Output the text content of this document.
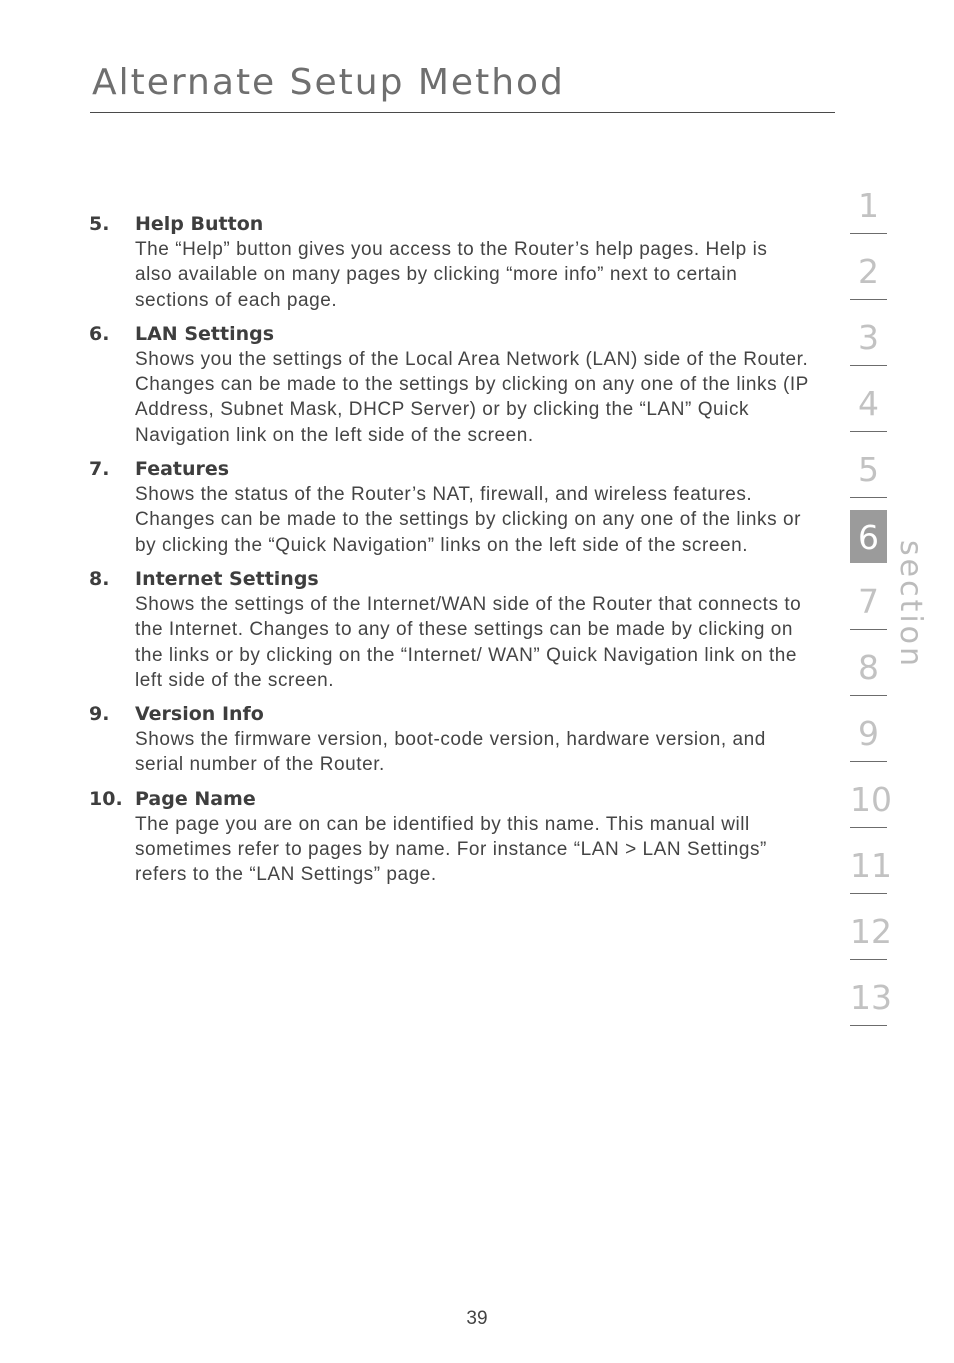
Alternate Setup Method
5. Help Button
The “Help” button gives you access to the Router’s help pages. Help is also available on many pages by clicking “more info” next to certain sections of each page.
6. LAN Settings
Shows you the settings of the Local Area Network (LAN) side of the Router. Changes can be made to the settings by clicking on any one of the links (IP Address, Subnet Mask, DHCP Server) or by clicking the “LAN” Quick Navigation link on the left side of the screen.
7. Features
Shows the status of the Router’s NAT, firewall, and wireless features. Changes can be made to the settings by clicking on any one of the links or by clicking the “Quick Navigation” links on the left side of the screen.
8. Internet Settings
Shows the settings of the Internet/WAN side of the Router that connects to the Internet. Changes to any of these settings can be made by clicking on the links or by clicking on the “Internet/ WAN” Quick Navigation link on the left side of the screen.
9. Version Info
Shows the firmware version, boot-code version, hardware version, and serial number of the Router.
10. Page Name
The page you are on can be identified by this name. This manual will sometimes refer to pages by name. For instance “LAN > LAN Settings” refers to the “LAN Settings” page.
1
2
3
4
5
6
7
8
9
10
11
12
13
section
39
